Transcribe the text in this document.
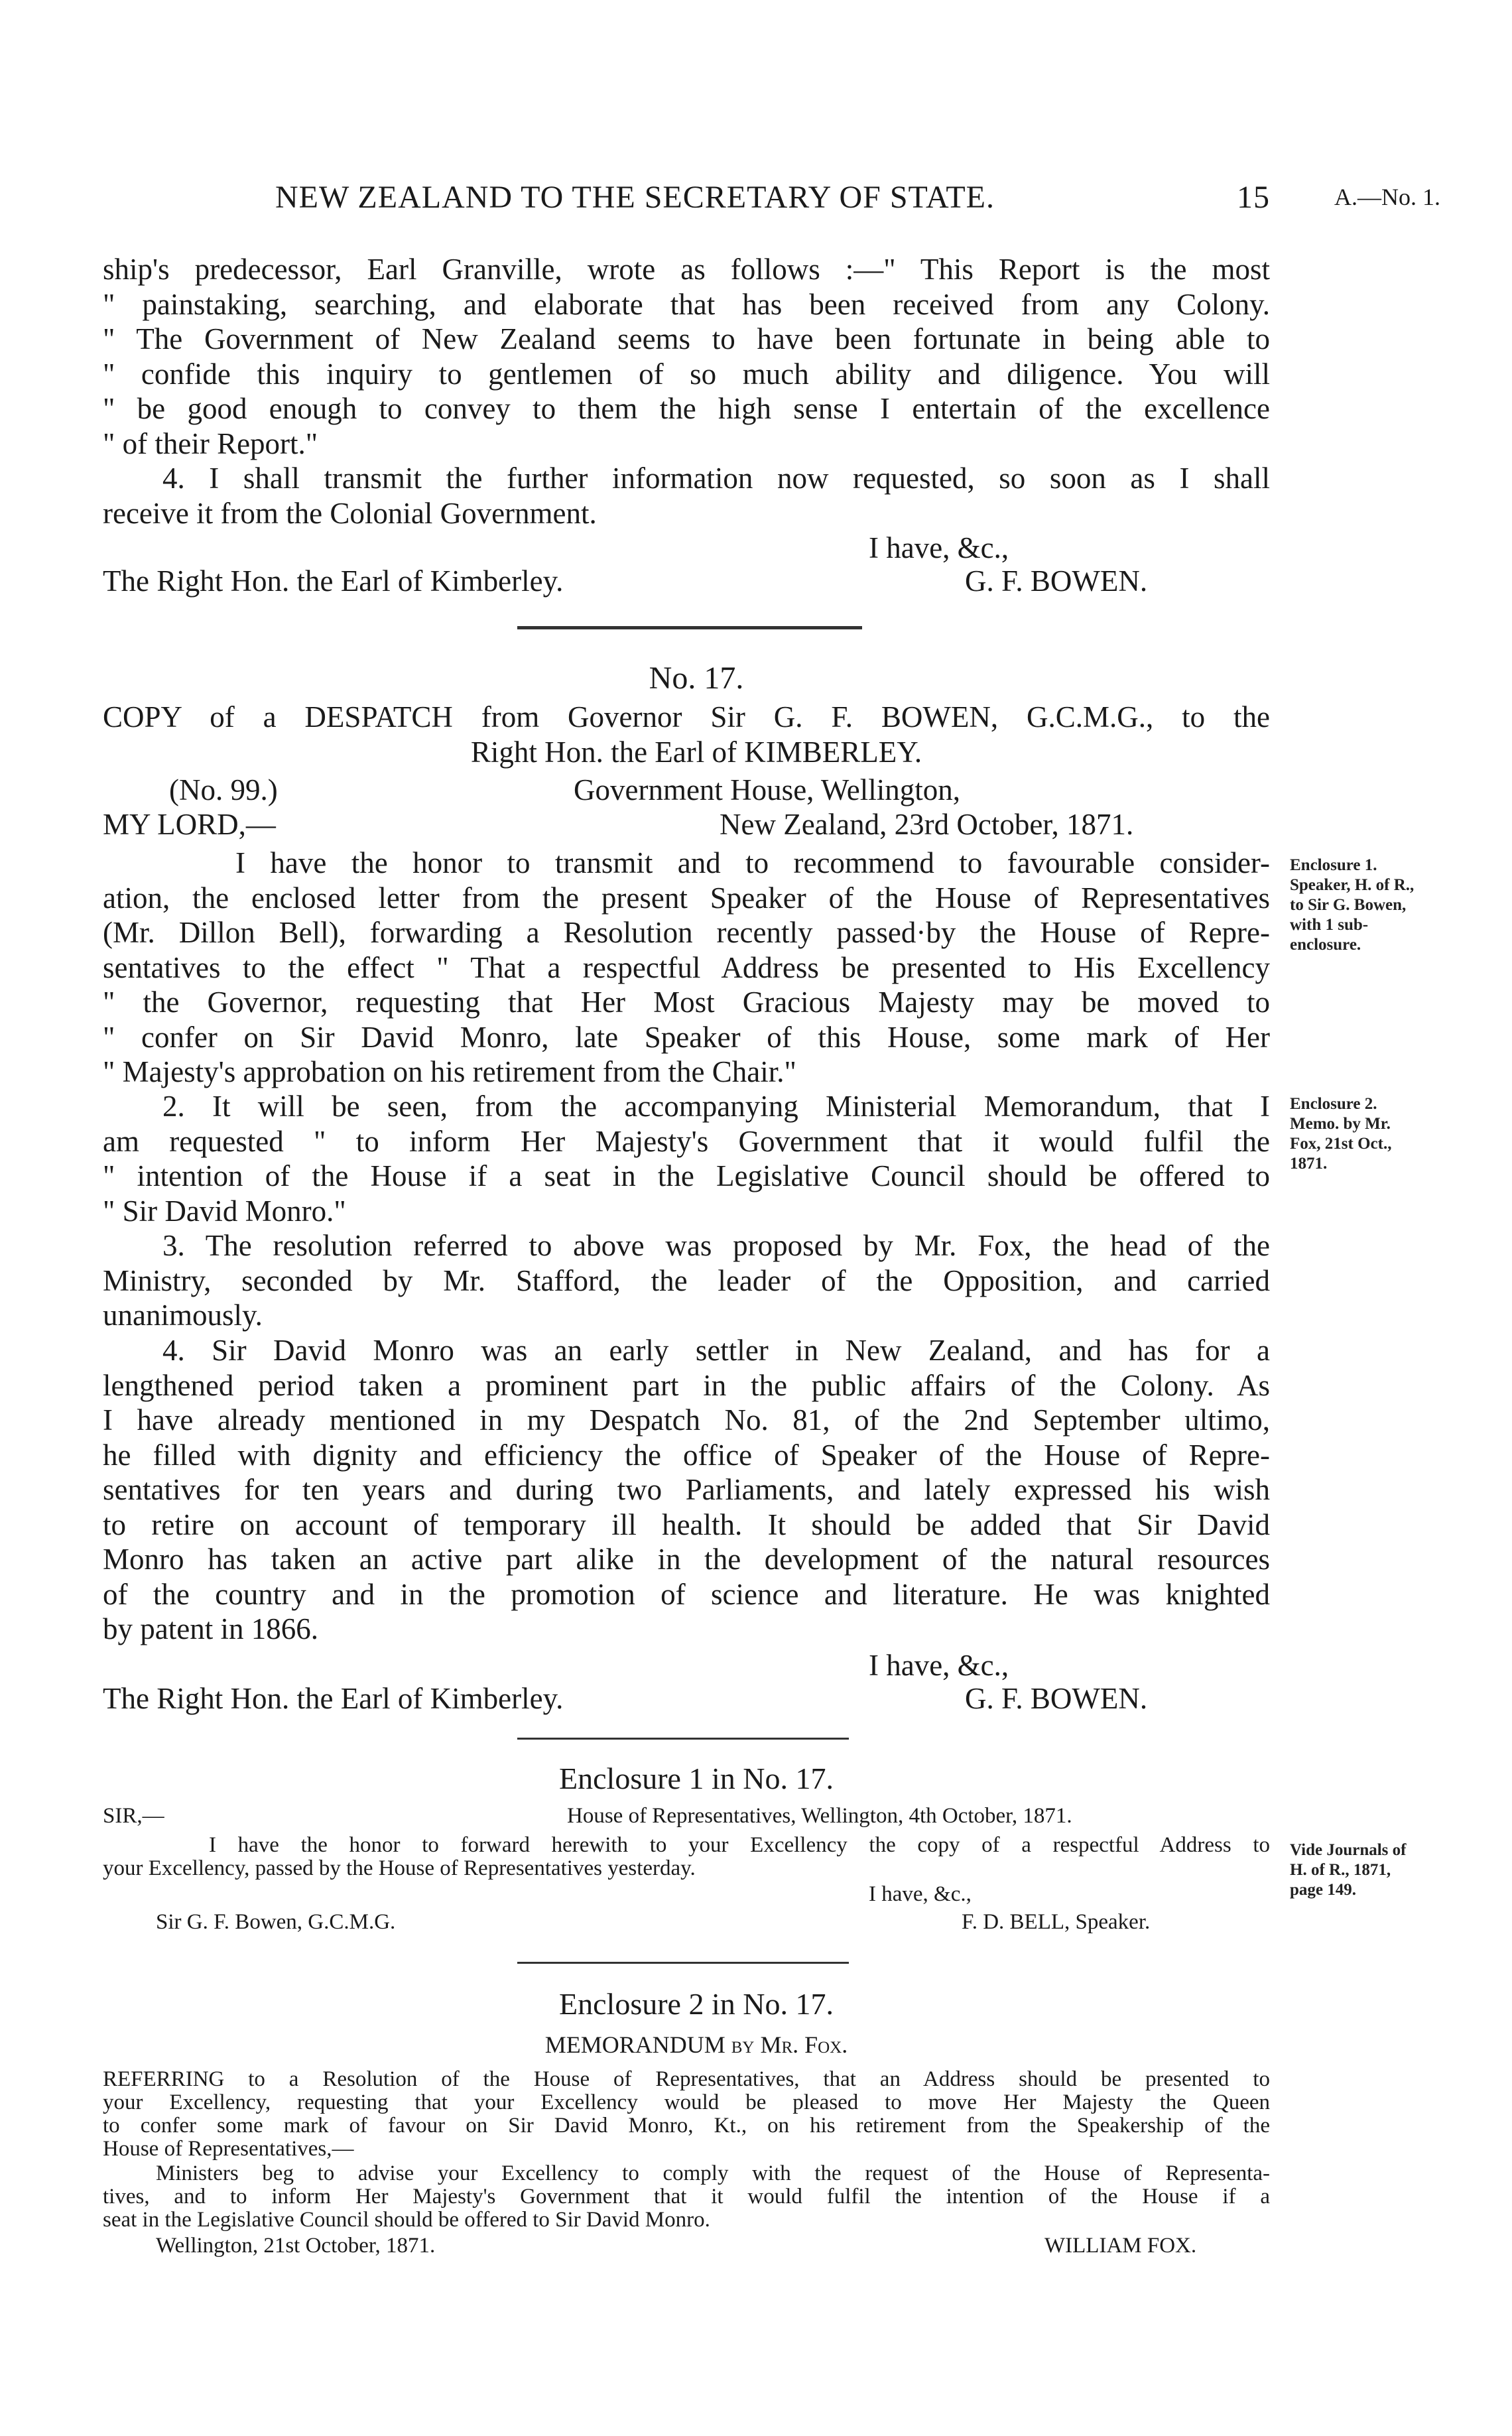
NEW ZEALAND TO THE SECRETARY OF STATE.	15	A.—No. 1.
ship's predecessor, Earl Granville, wrote as follows :—" This Report is the most
" painstaking, searching, and elaborate that has been received from any Colony.
" The Government of New Zealand seems to have been fortunate in being able to
" confide this inquiry to gentlemen of so much ability and diligence. You will
" be good enough to convey to them the high sense I entertain of the excellence
" of their Report."
4. I shall transmit the further information now requested, so soon as I shall
receive it from the Colonial Government.
I have, &c.,
The Right Hon. the Earl of Kimberley.	G. F. BOWEN.
No. 17.
COPY of a DESPATCH from Governor Sir G. F. BOWEN, G.C.M.G., to the
Right Hon. the Earl of KIMBERLEY.
(No. 99.)	Government House, Wellington,
MY LORD,—	New Zealand, 23rd October, 1871.
I have the honor to transmit and to recommend to favourable consider-
ation, the enclosed letter from the present Speaker of the House of Representatives
(Mr. Dillon Bell), forwarding a Resolution recently passed·by the House of Repre-
sentatives to the effect " That a respectful Address be presented to His Excellency
" the Governor, requesting that Her Most Gracious Majesty may be moved to
" confer on Sir David Monro, late Speaker of this House, some mark of Her
" Majesty's approbation on his retirement from the Chair."
2. It will be seen, from the accompanying Ministerial Memorandum, that I
am requested " to inform Her Majesty's Government that it would fulfil the
" intention of the House if a seat in the Legislative Council should be offered to
" Sir David Monro."
3. The resolution referred to above was proposed by Mr. Fox, the head of the
Ministry, seconded by Mr. Stafford, the leader of the Opposition, and carried
unanimously.
4. Sir David Monro was an early settler in New Zealand, and has for a
lengthened period taken a prominent part in the public affairs of the Colony. As
I have already mentioned in my Despatch No. 81, of the 2nd September ultimo,
he filled with dignity and efficiency the office of Speaker of the House of Repre-
sentatives for ten years and during two Parliaments, and lately expressed his wish
to retire on account of temporary ill health. It should be added that Sir David
Monro has taken an active part alike in the development of the natural resources
of the country and in the promotion of science and literature. He was knighted
by patent in 1866.
I have, &c.,
The Right Hon. the Earl of Kimberley.	G. F. BOWEN.
Enclosure 1.
Speaker, H. of R.,
to Sir G. Bowen,
with 1 sub-
enclosure.
Enclosure 2.
Memo. by Mr.
Fox, 21st Oct.,
1871.
Enclosure 1 in No. 17.
SIR,—	House of Representatives, Wellington, 4th October, 1871.
I have the honor to forward herewith to your Excellency the copy of a respectful Address to
your Excellency, passed by the House of Representatives yesterday.
I have, &c.,
Sir G. F. Bowen, G.C.M.G.	F. D. BELL, Speaker.
Vide Journals of
H. of R., 1871,
page 149.
Enclosure 2 in No. 17.
MEMORANDUM by Mr. Fox.
REFERRING to a Resolution of the House of Representatives, that an Address should be presented to
your Excellency, requesting that your Excellency would be pleased to move Her Majesty the Queen
to confer some mark of favour on Sir David Monro, Kt., on his retirement from the Speakership of the
House of Representatives,—
Ministers beg to advise your Excellency to comply with the request of the House of Representa-
tives, and to inform Her Majesty's Government that it would fulfil the intention of the House if a
seat in the Legislative Council should be offered to Sir David Monro.
Wellington, 21st October, 1871.	WILLIAM FOX.
